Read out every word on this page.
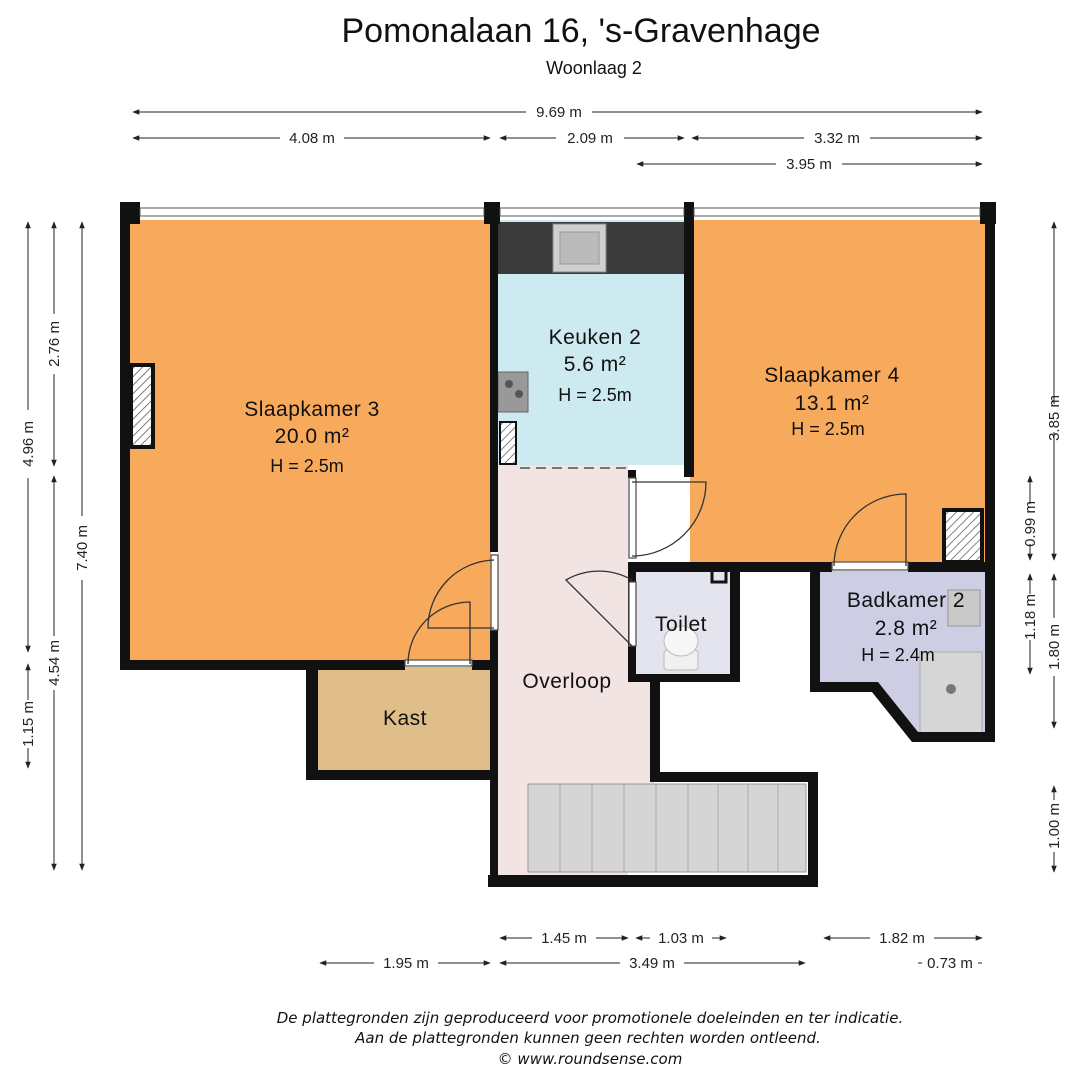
Pomonalaan 16, 's-Gravenhage
Woonlaag 2
Slaapkamer 3
20.0 m²
H = 2.5m
Keuken 2
5.6 m²
H = 2.5m
Slaapkamer 4
13.1 m²
H = 2.5m
Badkamer 2
2.8 m²
H = 2.4m
Toilet
Overloop
Kast
9.69 m
4.08 m	2.09 m	3.32 m
3.95 m
4.96 m
1.15 m
2.76 m
4.54 m
7.40 m
3.85 m
0.99 m
1.18 m
1.80 m
1.00 m
1.45 m	1.03 m	1.82 m
1.95 m	3.49 m	0.73 m
De plattegronden zijn geproduceerd voor promotionele doeleinden en ter indicatie.
Aan de plattegronden kunnen geen rechten worden ontleend.
© www.roundsense.com
